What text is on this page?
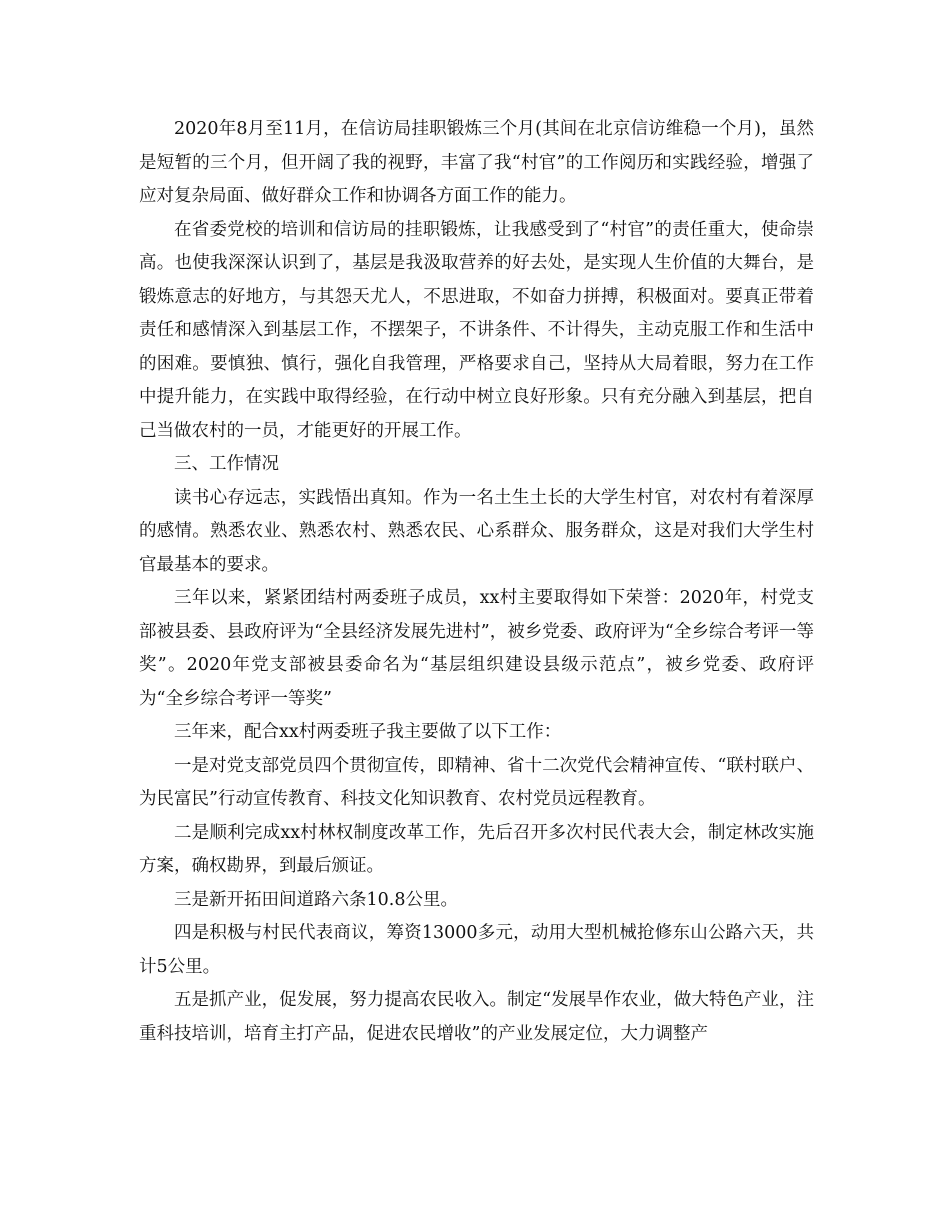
2020年8月至11月，在信访局挂职锻炼三个月(其间在北京信访维稳一个月)，虽然是短暂的三个月，但开阔了我的视野，丰富了我“村官”的工作阅历和实践经验，增强了应对复杂局面、做好群众工作和协调各方面工作的能力。

在省委党校的培训和信访局的挂职锻炼，让我感受到了“村官”的责任重大，使命崇高。也使我深深认识到了，基层是我汲取营养的好去处，是实现人生价值的大舞台，是锻炼意志的好地方，与其怨天尤人，不思进取，不如奋力拼搏，积极面对。要真正带着责任和感情深入到基层工作，不摆架子，不讲条件、不计得失，主动克服工作和生活中的困难。要慎独、慎行，强化自我管理，严格要求自己，坚持从大局着眼，努力在工作中提升能力，在实践中取得经验，在行动中树立良好形象。只有充分融入到基层，把自己当做农村的一员，才能更好的开展工作。

三、工作情况

读书心存远志，实践悟出真知。作为一名土生土长的大学生村官，对农村有着深厚的感情。熟悉农业、熟悉农村、熟悉农民、心系群众、服务群众，这是对我们大学生村官最基本的要求。

三年以来，紧紧团结村两委班子成员，xx村主要取得如下荣誉：2020年，村党支部被县委、县政府评为“全县经济发展先进村”，被乡党委、政府评为“全乡综合考评一等奖”。2020年党支部被县委命名为“基层组织建设县级示范点”，被乡党委、政府评为“全乡综合考评一等奖”

三年来，配合xx村两委班子我主要做了以下工作：

一是对党支部党员四个贯彻宣传，即精神、省十二次党代会精神宣传、“联村联户、为民富民”行动宣传教育、科技文化知识教育、农村党员远程教育。

二是顺利完成xx村林权制度改革工作，先后召开多次村民代表大会，制定林改实施方案，确权勘界，到最后颁证。

三是新开拓田间道路六条10.8公里。

四是积极与村民代表商议，筹资13000多元，动用大型机械抢修东山公路六天，共计5公里。

五是抓产业，促发展，努力提高农民收入。制定“发展旱作农业，做大特色产业，注重科技培训，培育主打产品，促进农民增收”的产业发展定位，大力调整产
